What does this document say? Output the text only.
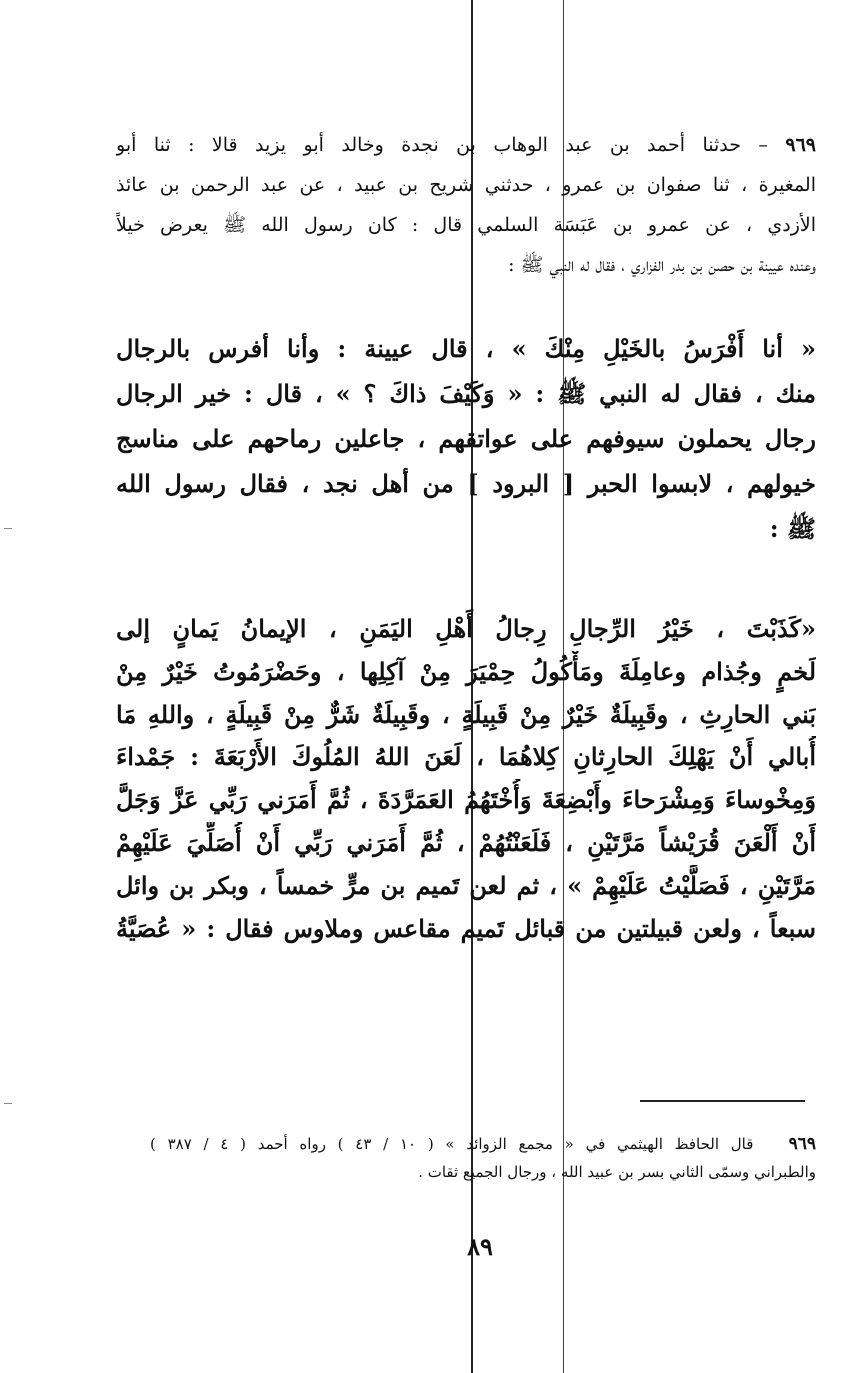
٩٦٩ – حدثنا أحمد بن عبد الوهاب بن نجدة وخالد أبو يزيد قالا : ثنا أبو
المغيرة ، ثنا صفوان بن عمرو ، حدثني شريح بن عبيد ، عن عبد الرحمن بن عائذ
الأزدي ، عن عمرو بن عَبَسَة السلمي قال : كان رسول الله ﷺ يعرض خيلاً
وعنده عيينة بن حصن بن بدر الفزاري ، فقال له النبي ﷺ :
« أنا أَفْرَسُ بالخَيْلِ مِنْكَ » ، قال عيينة : وأنا أفرس بالرجال
منك ، فقال له النبي ﷺ : « وَكَيْفَ ذاكَ ؟ » ، قال : خير الرجال
رجال يحملون سيوفهم على عواتقهم ، جاعلين رماحهم على مناسج
خيولهم ، لابسوا الحبر [ البرود ] من أهل نجد ، فقال رسول الله
ﷺ :
«كَذَبْتَ ، خَيْرُ الرِّجالِ رِجالُ أَهْلِ اليَمَنِ ، الإيمانُ يَمانٍ إلى
لَخمٍ وجُذام وعامِلَةَ ومَأْكُولُ حِمْيَرَ مِنْ آكِلِها ، وحَضْرَمُوتُ خَيْرٌ مِنْ
بَني الحارِثِ ، وقَبِيلَةٌ خَيْرٌ مِنْ قَبِيلَةٍ ، وقَبِيلَةٌ شَرٌّ مِنْ قَبِيلَةٍ ، واللهِ مَا
أُبالي أَنْ يَهْلِكَ الحارِثانِ كِلاهُمَا ، لَعَنَ اللهُ المُلُوكَ الأَرْبَعَةَ : جَمْداءَ
وَمِخْوساءَ وَمِشْرَحاءَ وأَبْضِعَةَ وَأُخْتَهُمُ العَمَرَّدَةَ ، ثُمَّ أَمَرَني رَبِّي عَزَّ وَجَلَّ
أَنْ أَلْعَنَ قُرَيْشاً مَرَّتَيْنِ ، فَلَعَنْتُهُمْ ، ثُمَّ أَمَرَني رَبِّي أَنْ أُصَلِّيَ عَلَيْهِمْ
مَرَّتَيْنِ ، فَصَلَّيْتُ عَلَيْهِمْ » ، ثم لعن تَميم بن مرٍّ خمساً ، وبكر بن وائل
سبعاً ، ولعن قبيلتين من قبائل تَميم مقاعس وملاوس فقال : « عُصَيَّةُ
٩٦٩   قال الحافظ الهيثمي في « مجمع الزوائد » ( ١٠ / ٤٣ ) رواه أحمد ( ٤ / ٣٨٧ )
والطبراني وسمّى الثاني بسر بن عبيد الله ، ورجال الجميع ثقات .
٨٩
